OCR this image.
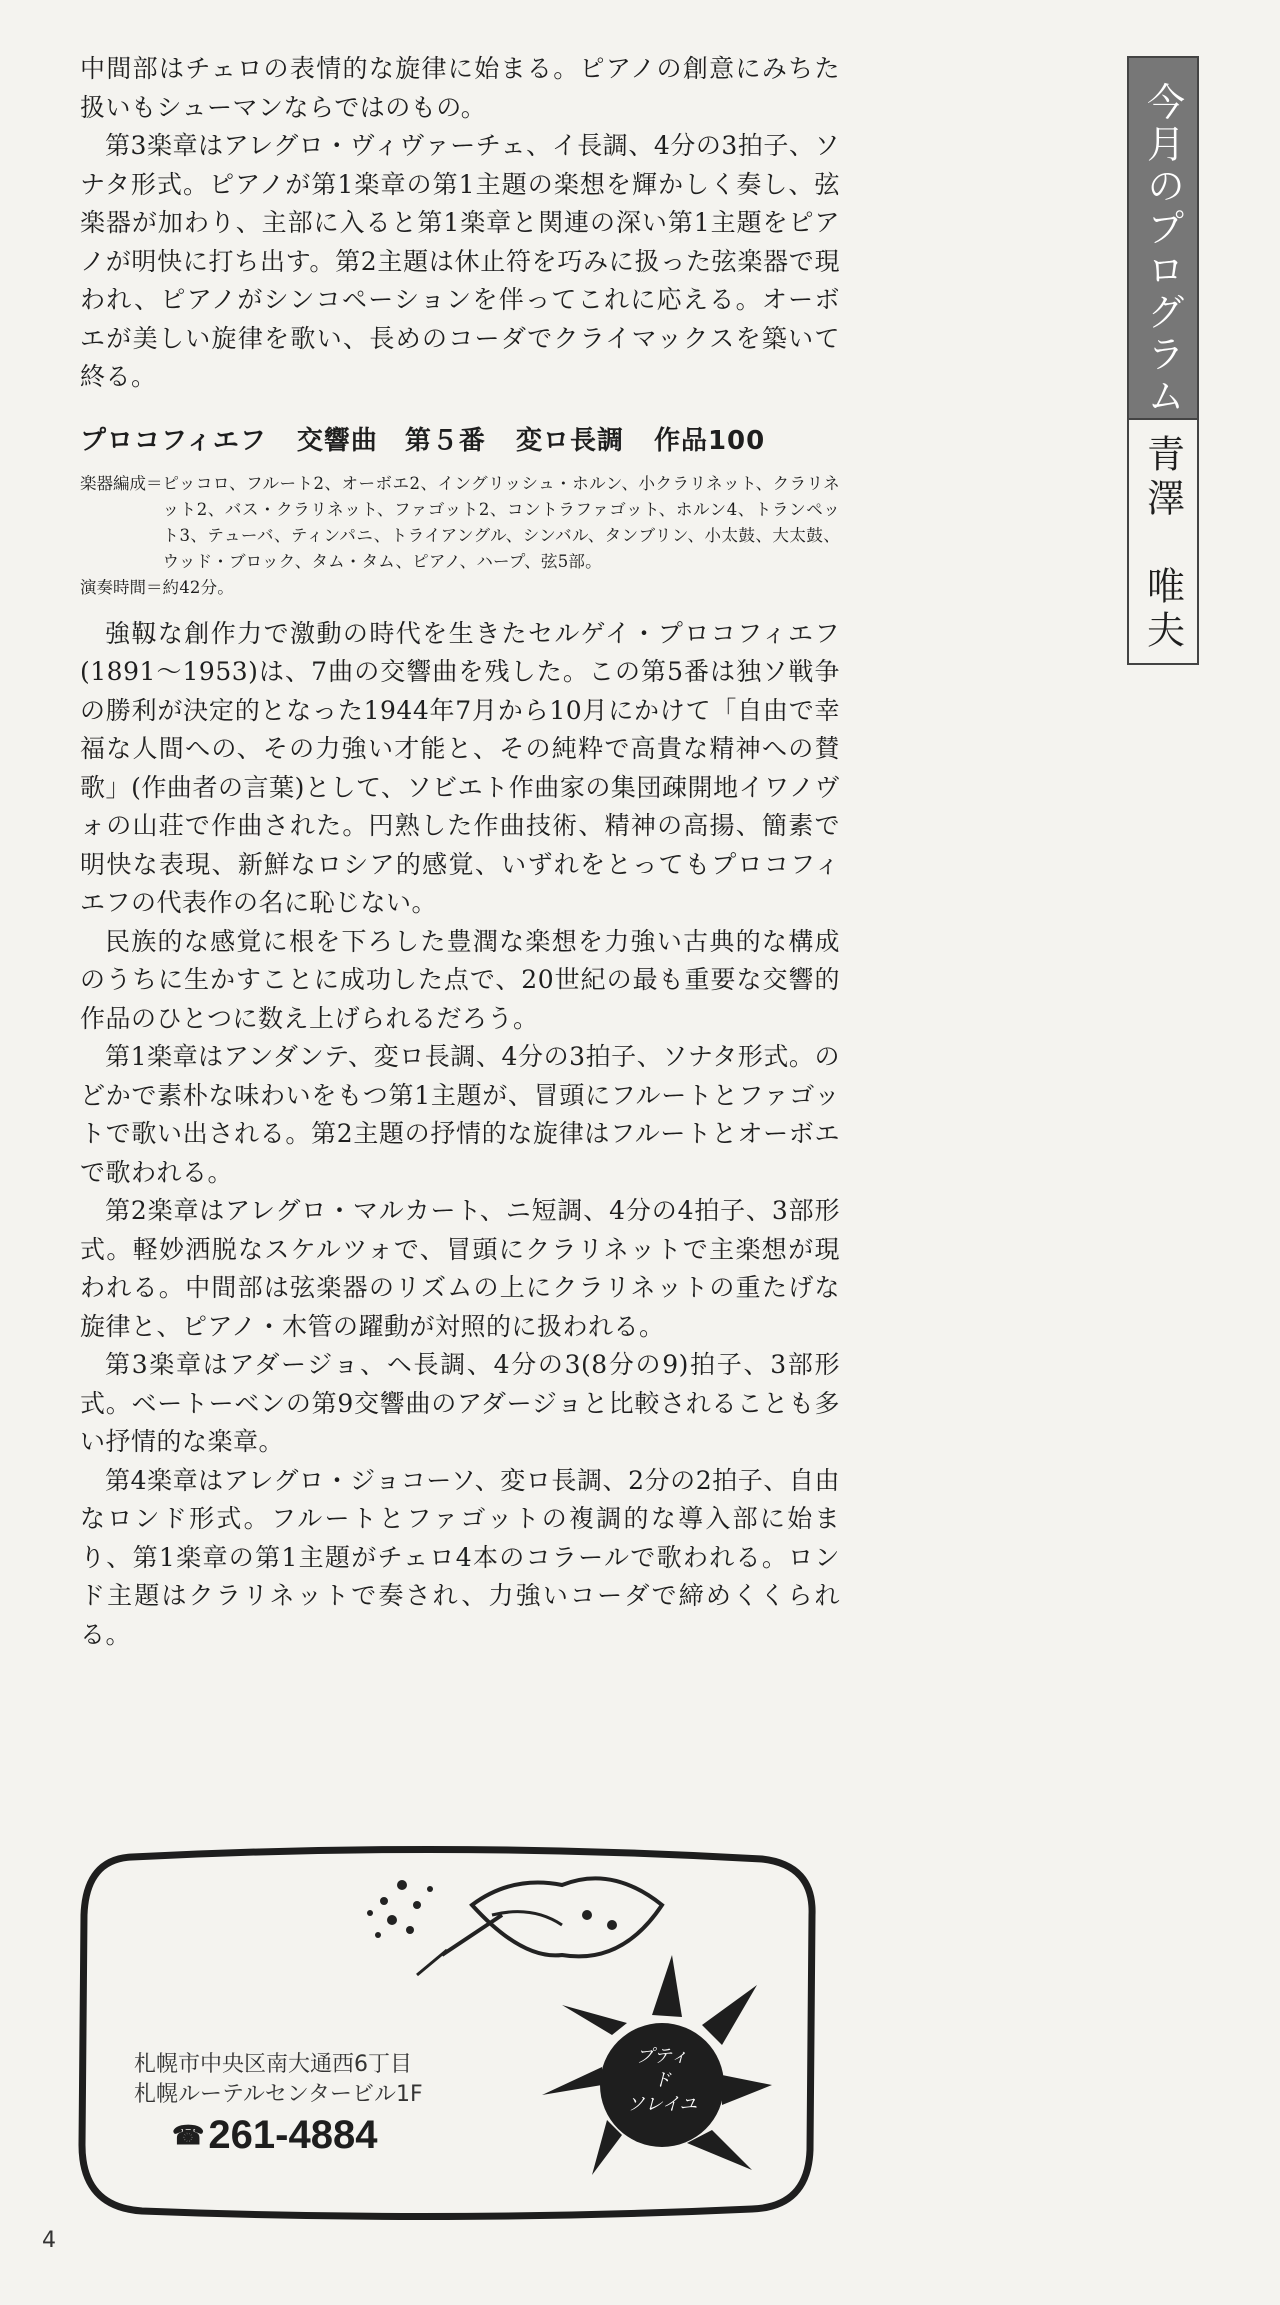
中間部はチェロの表情的な旋律に始まる。ピアノの創意にみちた扱いもシューマンならではのもの。

第3楽章はアレグロ・ヴィヴァーチェ、イ長調、4分の3拍子、ソナタ形式。ピアノが第1楽章の第1主題の楽想を輝かしく奏し、弦楽器が加わり、主部に入ると第1楽章と関連の深い第1主題をピアノが明快に打ち出す。第2主題は休止符を巧みに扱った弦楽器で現われ、ピアノがシンコペーションを伴ってこれに応える。オーボエが美しい旋律を歌い、長めのコーダでクライマックスを築いて終る。

プロコフィエフ 交響曲　第５番 変ロ長調 作品100
楽器編成＝ ピッコロ、フルート2、オーボエ2、イングリッシュ・ホルン、小クラリネット、クラリネット2、バス・クラリネット、ファゴット2、コントラファゴット、ホルン4、トランペット3、テューバ、ティンパニ、トライアングル、シンバル、タンブリン、小太鼓、大太鼓、ウッド・ブロック、タム・タム、ピアノ、ハープ、弦5部。
演奏時間＝ 約42分。

強靱な創作力で激動の時代を生きたセルゲイ・プロコフィエフ(1891～1953)は、7曲の交響曲を残した。この第5番は独ソ戦争の勝利が決定的となった1944年7月から10月にかけて「自由で幸福な人間への、その力強い才能と、その純粋で高貴な精神への賛歌」(作曲者の言葉)として、ソビエト作曲家の集団疎開地イワノヴォの山荘で作曲された。円熟した作曲技術、精神の高揚、簡素で明快な表現、新鮮なロシア的感覚、いずれをとってもプロコフィエフの代表作の名に恥じない。

民族的な感覚に根を下ろした豊潤な楽想を力強い古典的な構成のうちに生かすことに成功した点で、20世紀の最も重要な交響的作品のひとつに数え上げられるだろう。

第1楽章はアンダンテ、変ロ長調、4分の3拍子、ソナタ形式。のどかで素朴な味わいをもつ第1主題が、冒頭にフルートとファゴットで歌い出される。第2主題の抒情的な旋律はフルートとオーボエで歌われる。

第2楽章はアレグロ・マルカート、ニ短調、4分の4拍子、3部形式。軽妙洒脱なスケルツォで、冒頭にクラリネットで主楽想が現われる。中間部は弦楽器のリズムの上にクラリネットの重たげな旋律と、ピアノ・木管の躍動が対照的に扱われる。

第3楽章はアダージョ、ヘ長調、4分の3(8分の9)拍子、3部形式。ベートーベンの第9交響曲のアダージョと比較されることも多い抒情的な楽章。

第4楽章はアレグロ・ジョコーソ、変ロ長調、2分の2拍子、自由なロンド形式。フルートとファゴットの複調的な導入部に始まり、第1楽章の第1主題がチェロ4本のコラールで歌われる。ロンド主題はクラリネットで奏され、力強いコーダで締めくくられる。

今月のプログラム
青澤　唯夫
プティ
ド
ソレイユ
札幌市中央区南大通西6丁目
札幌ルーテルセンタービル1F
☎ 261-4884
4
